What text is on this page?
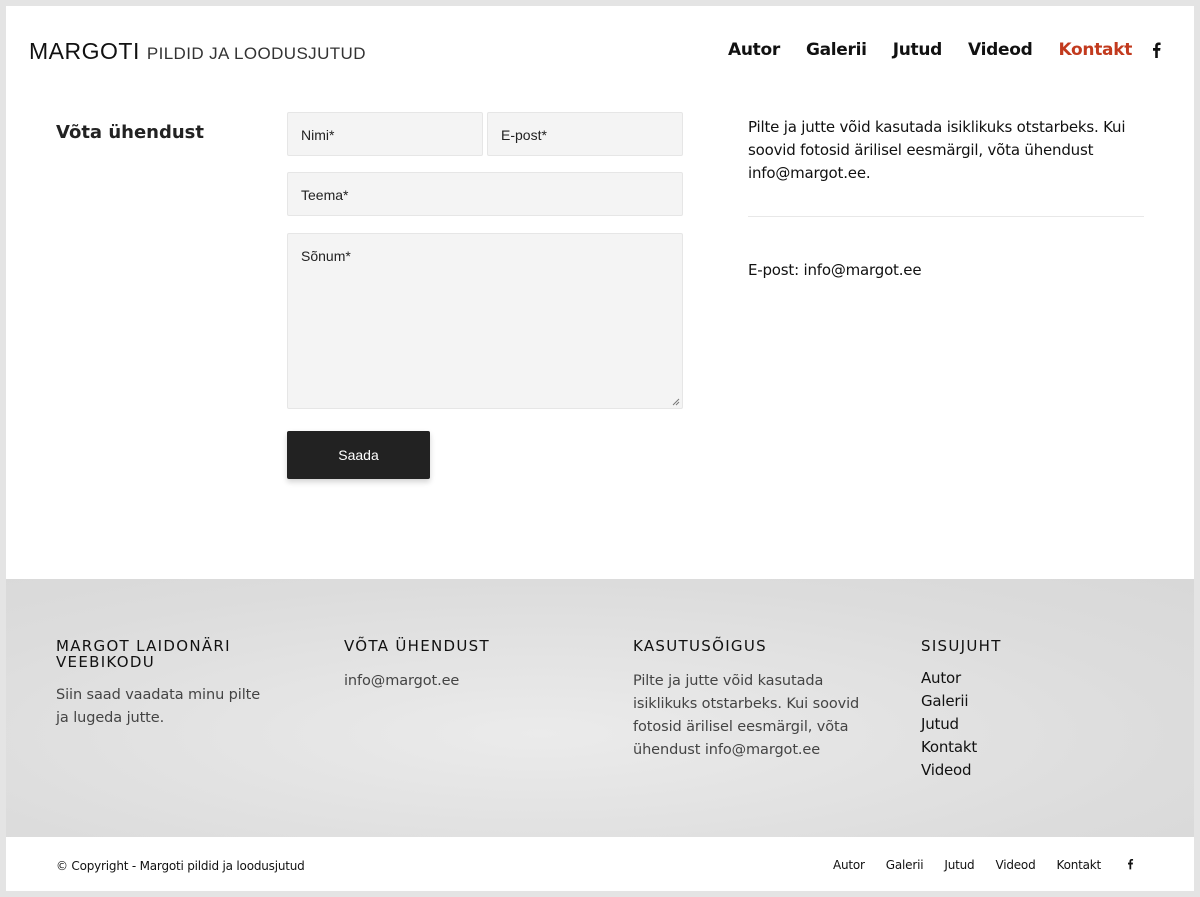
MARGOTI PILDID JA LOODUSJUTUD	Autor Galerii Jutud Videod Kontakt
Võta ühendust	Nimi*	E-post*
Teema*
Sõnum*
Saada

Pilte ja jutte võid kasutada isiklikuks otstarbeks. Kui soovid fotosid ärilisel eesmärgil, võta ühendust info@margot.ee.

E-post: info@margot.ee

MARGOT LAIDONÄRI VEEBIKODU

Siin saad vaadata minu pilte ja lugeda jutte.

VÕTA ÜHENDUST

info@margot.ee

KASUTUSÕIGUS

Pilte ja jutte võid kasutada isiklikuks otstarbeks. Kui soovid fotosid ärilisel eesmärgil, võta ühendust info@margot.ee

SISUJUHT
Autor
Galerii
Jutud
Kontakt
Videod
© Copyright - Margoti pildid ja loodusjutud	Autor Galerii Jutud Videod Kontakt
